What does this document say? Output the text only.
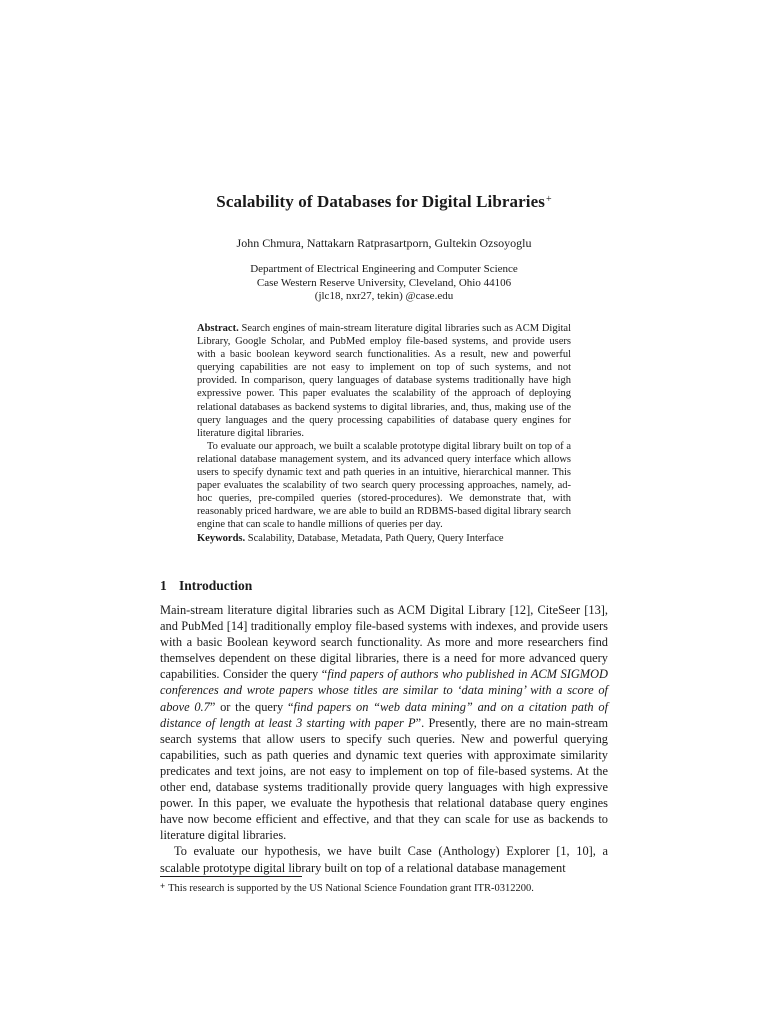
Scalability of Databases for Digital Libraries+
John Chmura, Nattakarn Ratprasartporn, Gultekin Ozsoyoglu
Department of Electrical Engineering and Computer Science
Case Western Reserve University, Cleveland, Ohio 44106
(jlc18, nxr27, tekin) @case.edu

Abstract. Search engines of main-stream literature digital libraries such as ACM Digital Library, Google Scholar, and PubMed employ file-based systems, and provide users with a basic boolean keyword search functionalities. As a result, new and powerful querying capabilities are not easy to implement on top of such systems, and not provided. In comparison, query languages of database systems traditionally have high expressive power. This paper evaluates the scalability of the approach of deploying relational databases as backend systems to digital libraries, and, thus, making use of the query languages and the query processing capabilities of database query engines for literature digital libraries.

To evaluate our approach, we built a scalable prototype digital library built on top of a relational database management system, and its advanced query interface which allows users to specify dynamic text and path queries in an intuitive, hierarchical manner. This paper evaluates the scalability of two search query processing approaches, namely, ad-hoc queries, pre-compiled queries (stored-procedures). We demonstrate that, with reasonably priced hardware, we are able to build an RDBMS-based digital library search engine that can scale to handle millions of queries per day.

Keywords. Scalability, Database, Metadata, Path Query, Query Interface

1 Introduction

Main-stream literature digital libraries such as ACM Digital Library [12], CiteSeer [13], and PubMed [14] traditionally employ file-based systems with indexes, and provide users with a basic Boolean keyword search functionality. As more and more researchers find themselves dependent on these digital libraries, there is a need for more advanced query capabilities. Consider the query “find papers of authors who published in ACM SIGMOD conferences and wrote papers whose titles are similar to ‘data mining’ with a score of above 0.7” or the query “find papers on “web data mining” and on a citation path of distance of length at least 3 starting with paper P”. Presently, there are no main-stream search systems that allow users to specify such queries. New and powerful querying capabilities, such as path queries and dynamic text queries with approximate similarity predicates and text joins, are not easy to implement on top of file-based systems. At the other end, database systems traditionally provide query languages with high expressive power. In this paper, we evaluate the hypothesis that relational database query engines have now become efficient and effective, and that they can scale for use as backends to literature digital libraries.

To evaluate our hypothesis, we have built Case (Anthology) Explorer [1, 10], a scalable prototype digital library built on top of a relational database management

+ This research is supported by the US National Science Foundation grant ITR-0312200.
